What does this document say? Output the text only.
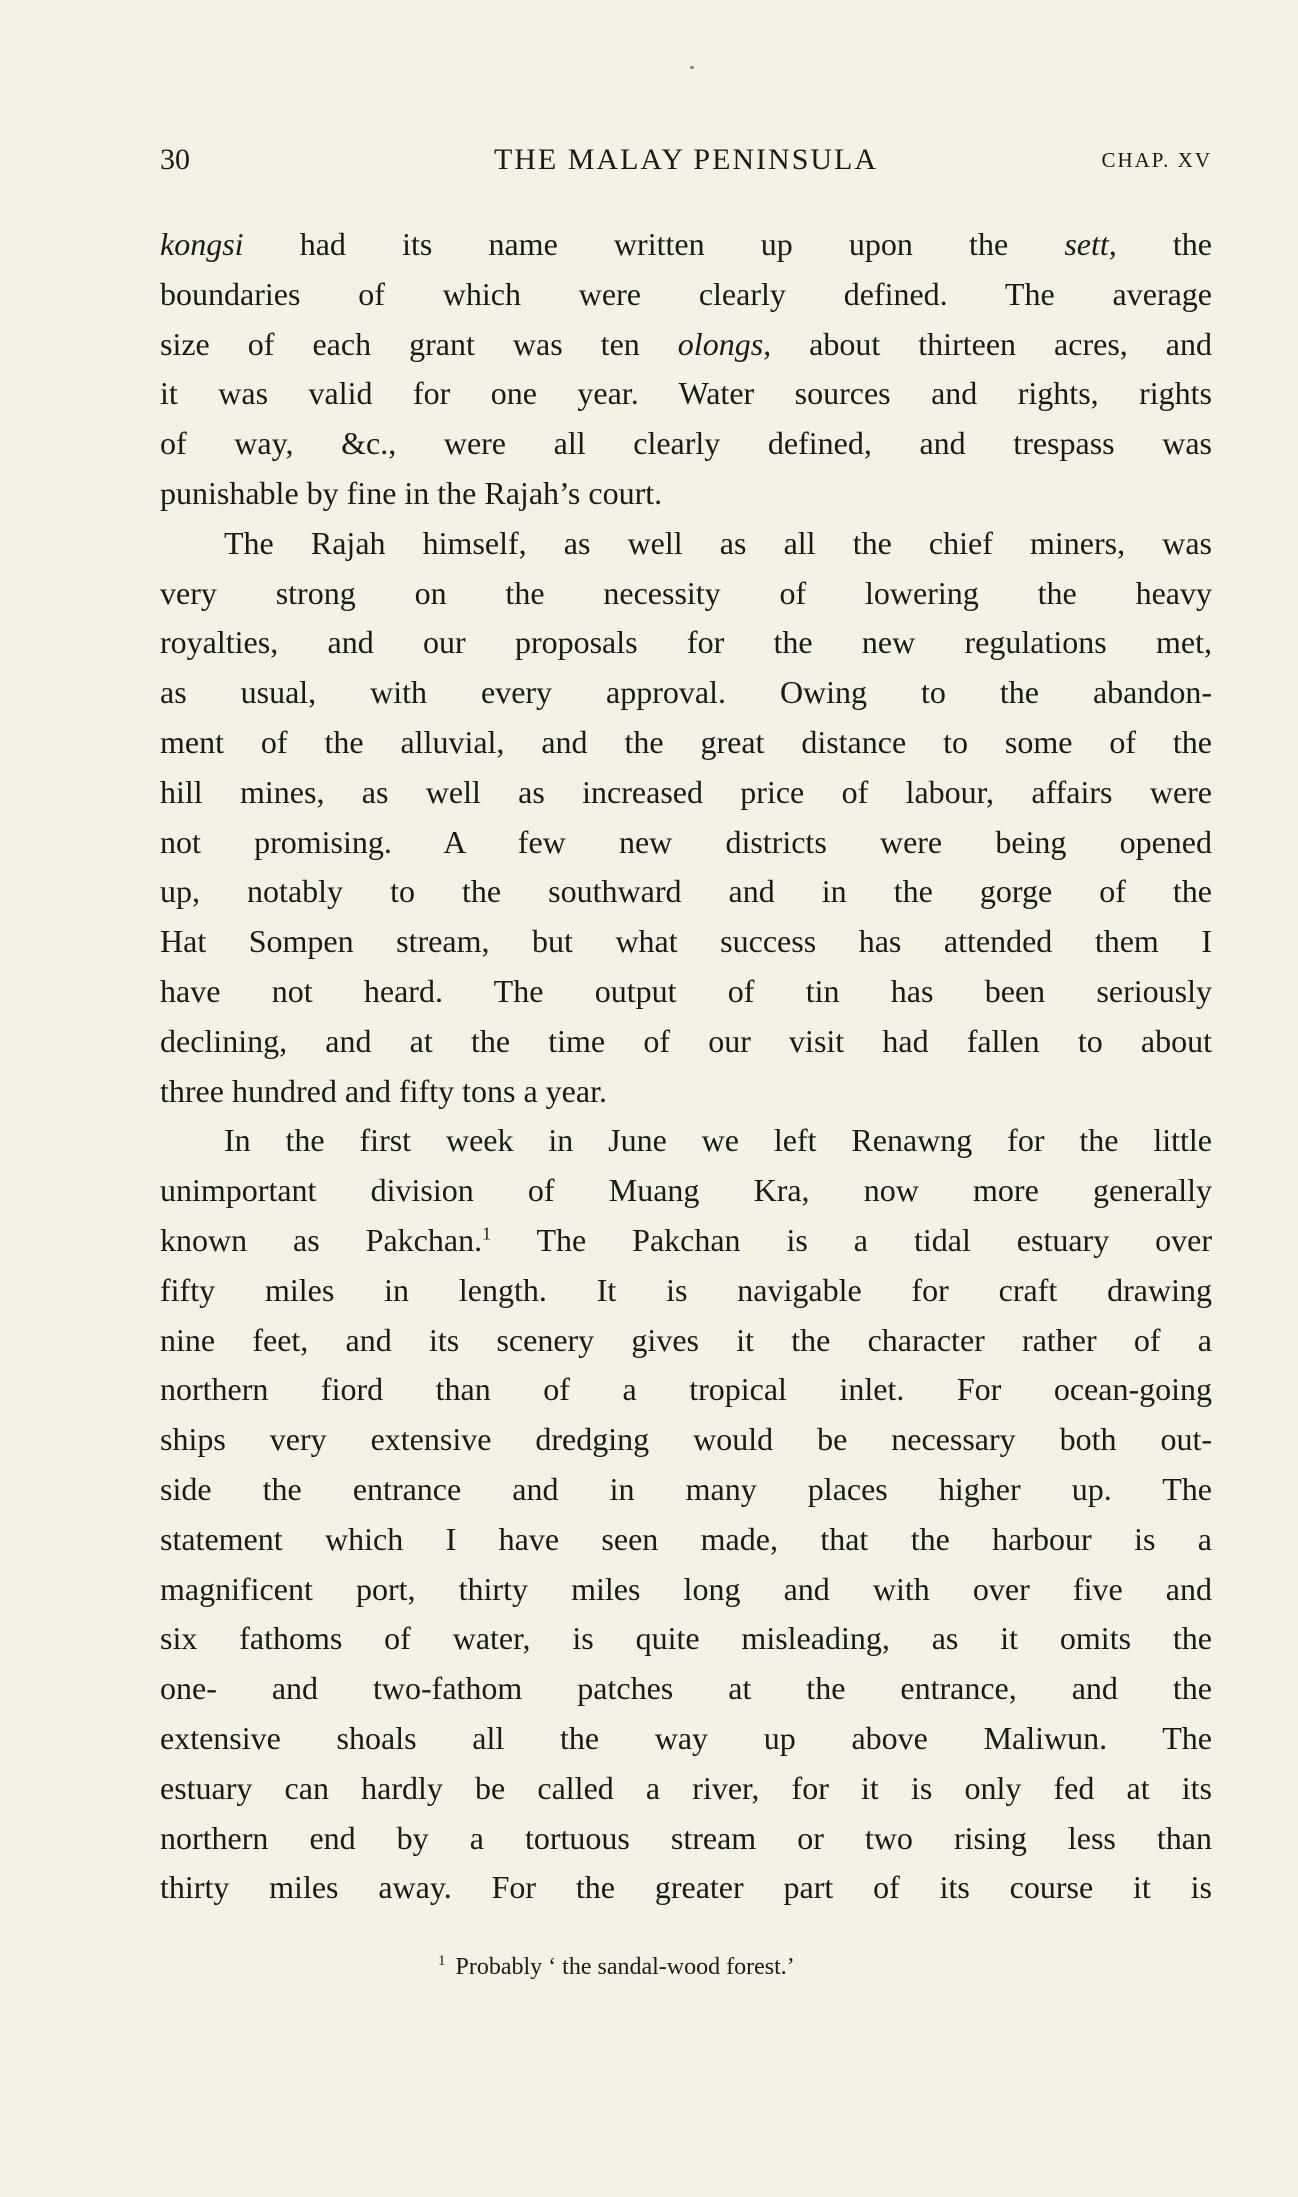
30	THE MALAY PENINSULA	CHAP. XV
kongsi had its name written up upon the sett, the
boundaries of which were clearly defined. The average
size of each grant was ten olongs, about thirteen acres, and
it was valid for one year. Water sources and rights, rights
of way, &c., were all clearly defined, and trespass was
punishable by fine in the Rajah’s court.
The Rajah himself, as well as all the chief miners, was
very strong on the necessity of lowering the heavy
royalties, and our proposals for the new regulations met,
as usual, with every approval. Owing to the abandon-
ment of the alluvial, and the great distance to some of the
hill mines, as well as increased price of labour, affairs were
not promising. A few new districts were being opened
up, notably to the southward and in the gorge of the
Hat Sompen stream, but what success has attended them I
have not heard. The output of tin has been seriously
declining, and at the time of our visit had fallen to about
three hundred and fifty tons a year.
In the first week in June we left Renawng for the little
unimportant division of Muang Kra, now more generally
known as Pakchan.$^1$ The Pakchan is a tidal estuary over
fifty miles in length. It is navigable for craft drawing
nine feet, and its scenery gives it the character rather of a
northern fiord than of a tropical inlet. For ocean-going
ships very extensive dredging would be necessary both out-
side the entrance and in many places higher up. The
statement which I have seen made, that the harbour is a
magnificent port, thirty miles long and with over five and
six fathoms of water, is quite misleading, as it omits the
one- and two-fathom patches at the entrance, and the
extensive shoals all the way up above Maliwun. The
estuary can hardly be called a river, for it is only fed at its
northern end by a tortuous stream or two rising less than
thirty miles away. For the greater part of its course it is
$^1$ Probably ‘ the sandal-wood forest.’
